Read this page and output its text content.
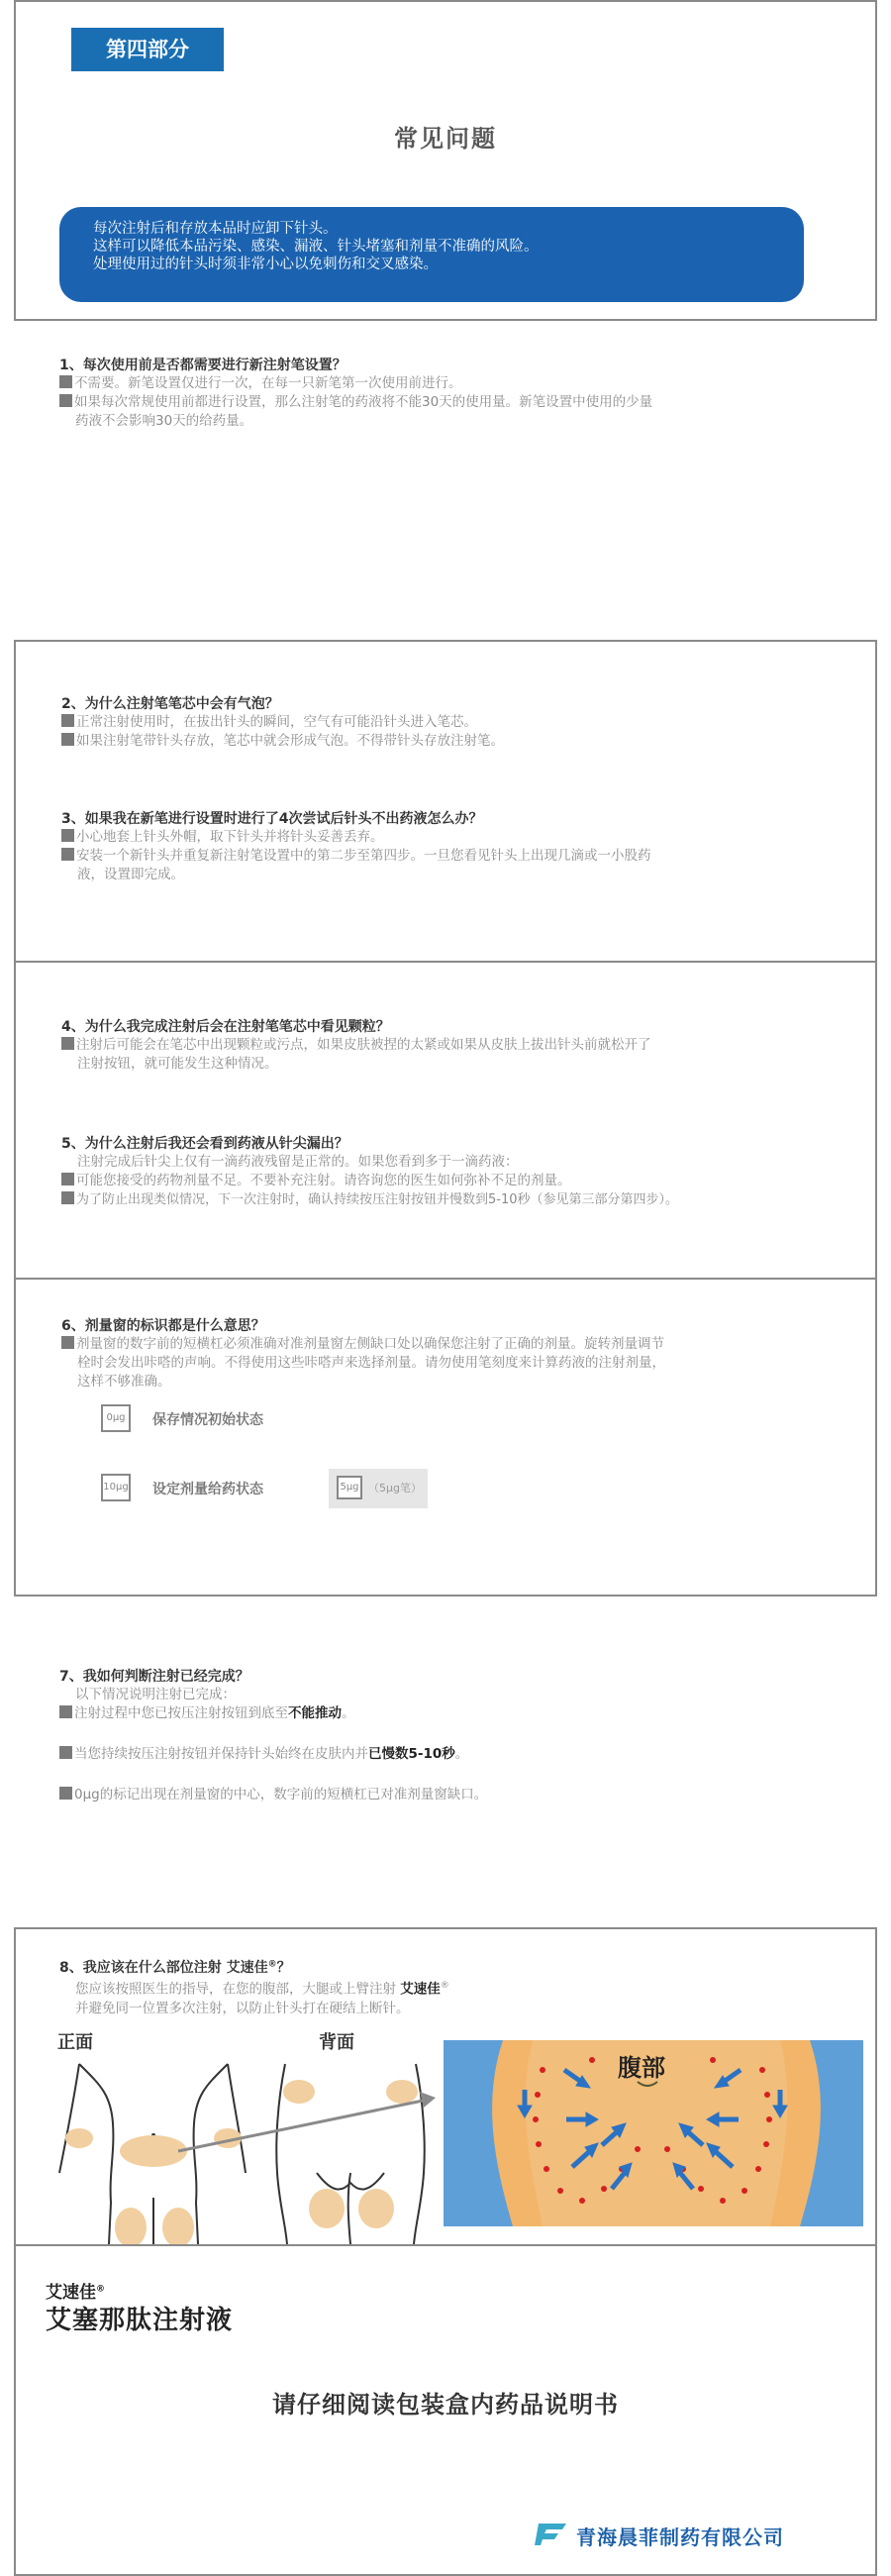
第四部分
常见问题

每次注射后和存放本品时应卸下针头。

这样可以降低本品污染、感染、漏液、针头堵塞和剂量不准确的风险。

处理使用过的针头时须非常小心以免刺伤和交叉感染。

1、每次使用前是否都需要进行新注射笔设置？

不需要。新笔设置仅进行一次，在每一只新笔第一次使用前进行。

如果每次常规使用前都进行设置，那么注射笔的药液将不能30天的使用量。新笔设置中使用的少量

药液不会影响30天的给药量。

2、为什么注射笔笔芯中会有气泡？

正常注射使用时，在拔出针头的瞬间，空气有可能沿针头进入笔芯。

如果注射笔带针头存放，笔芯中就会形成气泡。不得带针头存放注射笔。

3、如果我在新笔进行设置时进行了4次尝试后针头不出药液怎么办？

小心地套上针头外帽，取下针头并将针头妥善丢弃。

安装一个新针头并重复新注射笔设置中的第二步至第四步。一旦您看见针头上出现几滴或一小股药

液，设置即完成。

4、为什么我完成注射后会在注射笔笔芯中看见颗粒？

注射后可能会在笔芯中出现颗粒或污点，如果皮肤被捏的太紧或如果从皮肤上拔出针头前就松开了

注射按钮，就可能发生这种情况。

5、为什么注射后我还会看到药液从针尖漏出？

注射完成后针尖上仅有一滴药液残留是正常的。如果您看到多于一滴药液：

可能您接受的药物剂量不足。不要补充注射。请咨询您的医生如何弥补不足的剂量。

为了防止出现类似情况，下一次注射时，确认持续按压注射按钮并慢数到5-10秒（参见第三部分第四步）。

6、剂量窗的标识都是什么意思？

剂量窗的数字前的短横杠必须准确对准剂量窗左侧缺口处以确保您注射了正确的剂量。旋转剂量调节

栓时会发出咔嗒的声响。不得使用这些咔嗒声来选择剂量。请勿使用笔刻度来计算药液的注射剂量，

这样不够准确。

0μg	保存情况初始状态
10μg 设定剂量给药状态	5μg （5μg笔）
7、我如何判断注射已经完成？

以下情况说明注射已完成：

注射过程中您已按压注射按钮到底至不能推动。

当您持续按压注射按钮并保持针头始终在皮肤内并已慢数5-10秒。

0μg的标记出现在剂量窗的中心，数字前的短横杠已对准剂量窗缺口。

8、我应该在什么部位注射 艾速佳®？

您应该按照医生的指导，在您的腹部，大腿或上臂注射 艾速佳®

并避免同一位置多次注射，以防止针头打在硬结上断针。

正面	背面
腹部
艾速佳®
艾塞那肽注射液
请仔细阅读包装盒内药品说明书
青海晨菲制药有限公司
